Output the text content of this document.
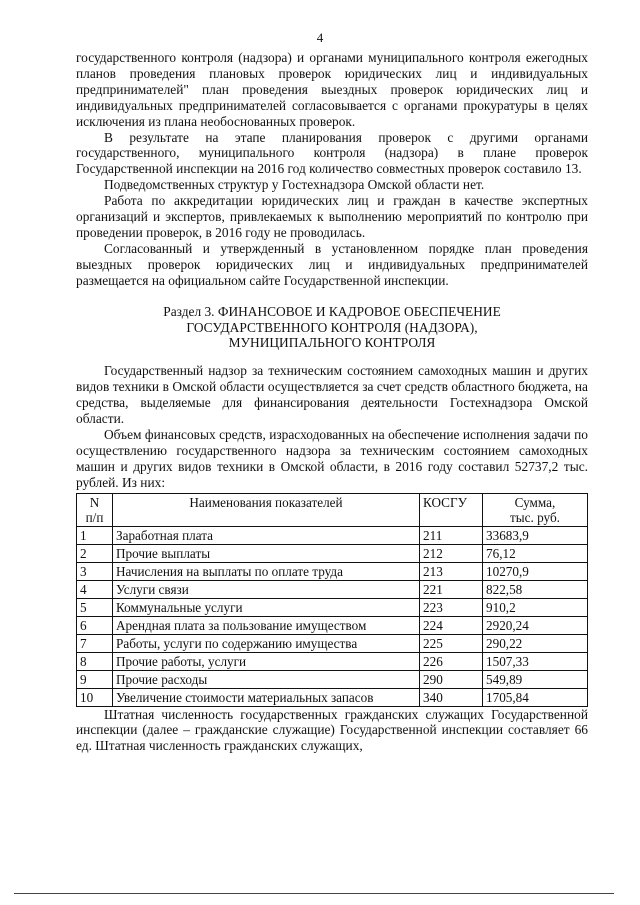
4

государственного контроля (надзора) и органами муниципального контроля ежегодных планов проведения плановых проверок юридических лиц и индивидуальных предпринимателей" план проведения выездных проверок юридических лиц и индивидуальных предпринимателей согласовывается с органами прокуратуры в целях исключения из плана необоснованных проверок.

В результате на этапе планирования проверок с другими органами государственного, муниципального контроля (надзора) в плане проверок Государственной инспекции на 2016 год количество совместных проверок составило 13.

Подведомственных структур у Гостехнадзора Омской области нет.

Работа по аккредитации юридических лиц и граждан в качестве экспертных организаций и экспертов, привлекаемых к выполнению мероприятий по контролю при проведении проверок, в 2016 году не проводилась.

Согласованный и утвержденный в установленном порядке план проведения выездных проверок юридических лиц и индивидуальных предпринимателей размещается на официальном сайте Государственной инспекции.

Раздел 3. ФИНАНСОВОЕ И КАДРОВОЕ ОБЕСПЕЧЕНИЕ
ГОСУДАРСТВЕННОГО КОНТРОЛЯ (НАДЗОРА),
МУНИЦИПАЛЬНОГО КОНТРОЛЯ

Государственный надзор за техническим состоянием самоходных машин и других видов техники в Омской области осуществляется за счет средств областного бюджета, на средства, выделяемые для финансирования деятельности Гостехнадзора Омской области.

Объем финансовых средств, израсходованных на обеспечение исполнения задачи по осуществлению государственного надзора за техническим состоянием самоходных машин и других видов техники в Омской области, в 2016 году составил 52737,2 тыс. рублей. Из них:

N
п/п	Наименования показателей	КОСГУ	Сумма,
тыс. руб.
1	Заработная плата	211	33683,9
2	Прочие выплаты	212	76,12
3	Начисления на выплаты по оплате труда	213	10270,9
4	Услуги связи	221	822,58
5	Коммунальные услуги	223	910,2
6	Арендная плата за пользование имуществом	224	2920,24
7	Работы, услуги по содержанию имущества	225	290,22
8	Прочие работы, услуги	226	1507,33
9	Прочие расходы	290	549,89
10	Увеличение стоимости материальных запасов	340	1705,84

Штатная численность государственных гражданских служащих Государственной инспекции (далее – гражданские служащие) Государственной инспекции составляет 66 ед. Штатная численность гражданских служащих,
